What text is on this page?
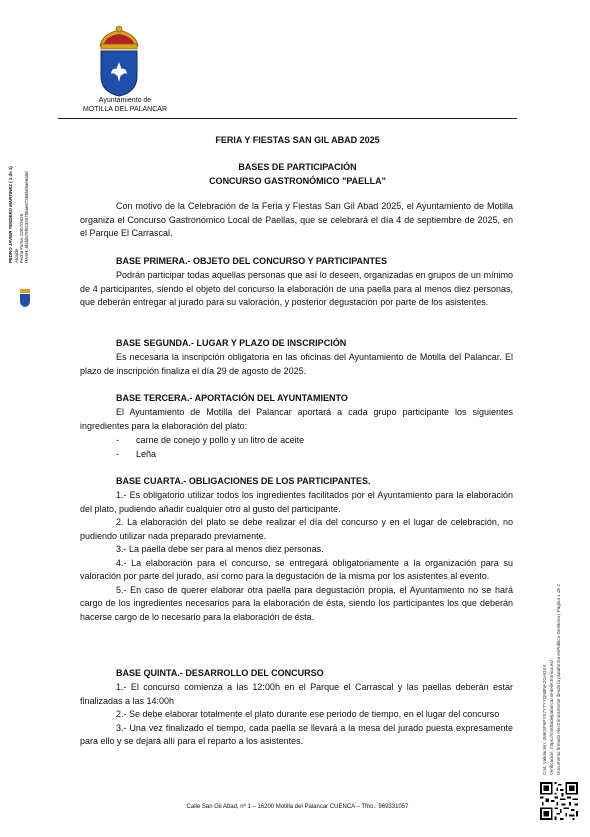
Ayuntamiento de
MOTILLA DEL PALANCAR
PEDRO JAVIER TENDERO MARTINEZ ( 1 de 1) Alcalde Fecha Firma: 22/07/2025 HASH: 6bdd575f52320780ae672b8bd9ae6a9d
FERIA Y FIESTAS SAN GIL ABAD 2025
BASES DE PARTICIPACIÓN
CONCURSO GASTRONÓMICO "PAELLA"

Con motivo de la Celebración de la Feria y Fiestas San Gil Abad 2025, el Ayuntamiento de Motilla organiza el Concurso Gastronómico Local de Paellas, que se celebrará el día 4 de septiembre de 2025, en el Parque El Carrascal.

BASE PRIMERA.- OBJETO DEL CONCURSO Y PARTICIPANTES

Podrán participar todas aquellas personas que así lo deseen, organizadas en grupos de un mínimo de 4 participantes, siendo el objeto del concurso la elaboración de una paella para al menos diez personas, que deberán entregar al jurado para su valoración, y posterior degustación por parte de los asistentes.

BASE SEGUNDA.- LUGAR Y PLAZO DE INSCRIPCIÓN

Es necesaria la inscripción obligatoria en las oficinas del Ayuntamiento de Motilla del Palancar. El plazo de inscripción finaliza el día 29 de agosto de 2025.

BASE TERCERA.- APORTACIÓN DEL AYUNTAMIENTO

El Ayuntamiento de Motilla del Palancar aportará a cada grupo participante los siguientes ingredientes para la elaboración del plato:

- carne de conejo y pollo y un litro de aceite
- Leña
BASE CUARTA.- OBLIGACIONES DE LOS PARTICIPANTES.

1.- Es obligatorio utilizar todos los ingredientes facilitados por el Ayuntamiento para la elaboración del plato, pudiendo añadir cualquier otro al gusto del participante.

2. La elaboración del plato se debe realizar el día del concurso y en el lugar de celebración, no pudiendo utilizar nada preparado previamente.

3.- La paella debe ser para al menos diez personas.

4.- La elaboración para el concurso, se entregará obligatoriamente a la organización para su valoración por parte del jurado, así como para la degustación de la misma por los asistentes al evento.

5.- En caso de querer elaborar otra paella para degustación propia, el Ayuntamiento no se hará cargo de los ingredientes necesarios para la elaboración de ésta, siendo los participantes los que deberán hacerse cargo de lo necesario para la elaboración de ésta.

BASE QUINTA.- DESARROLLO DEL CONCURSO

1.- El concurso comienza a las 12:00h en el Parque el Carrascal y las paellas deberán estar finalizadas a las 14:00h

2.- Se debe elaborar totalmente el plato durante ese periodo de tiempo, en el lugar del concurso

3.- Una vez finalizado el tiempo, cada paella se llevará a la mesa del jurado puesta expresamente para ello y se dejará allí para el reparto a los asistentes.	Cód. Validación: 4MKSF5PYS7Y7YYQN8NAZGADXX Verificación: https://motilladelpalancar.sedelectronica.es/ Documento firmado electrónicamente desde la plataforma esPublico Gestiona | Página 1 de 2
Calle San Gil Abad, nº 1 – 16200 Motilla del Palancar CUENCA – Tfno.: 969331057
